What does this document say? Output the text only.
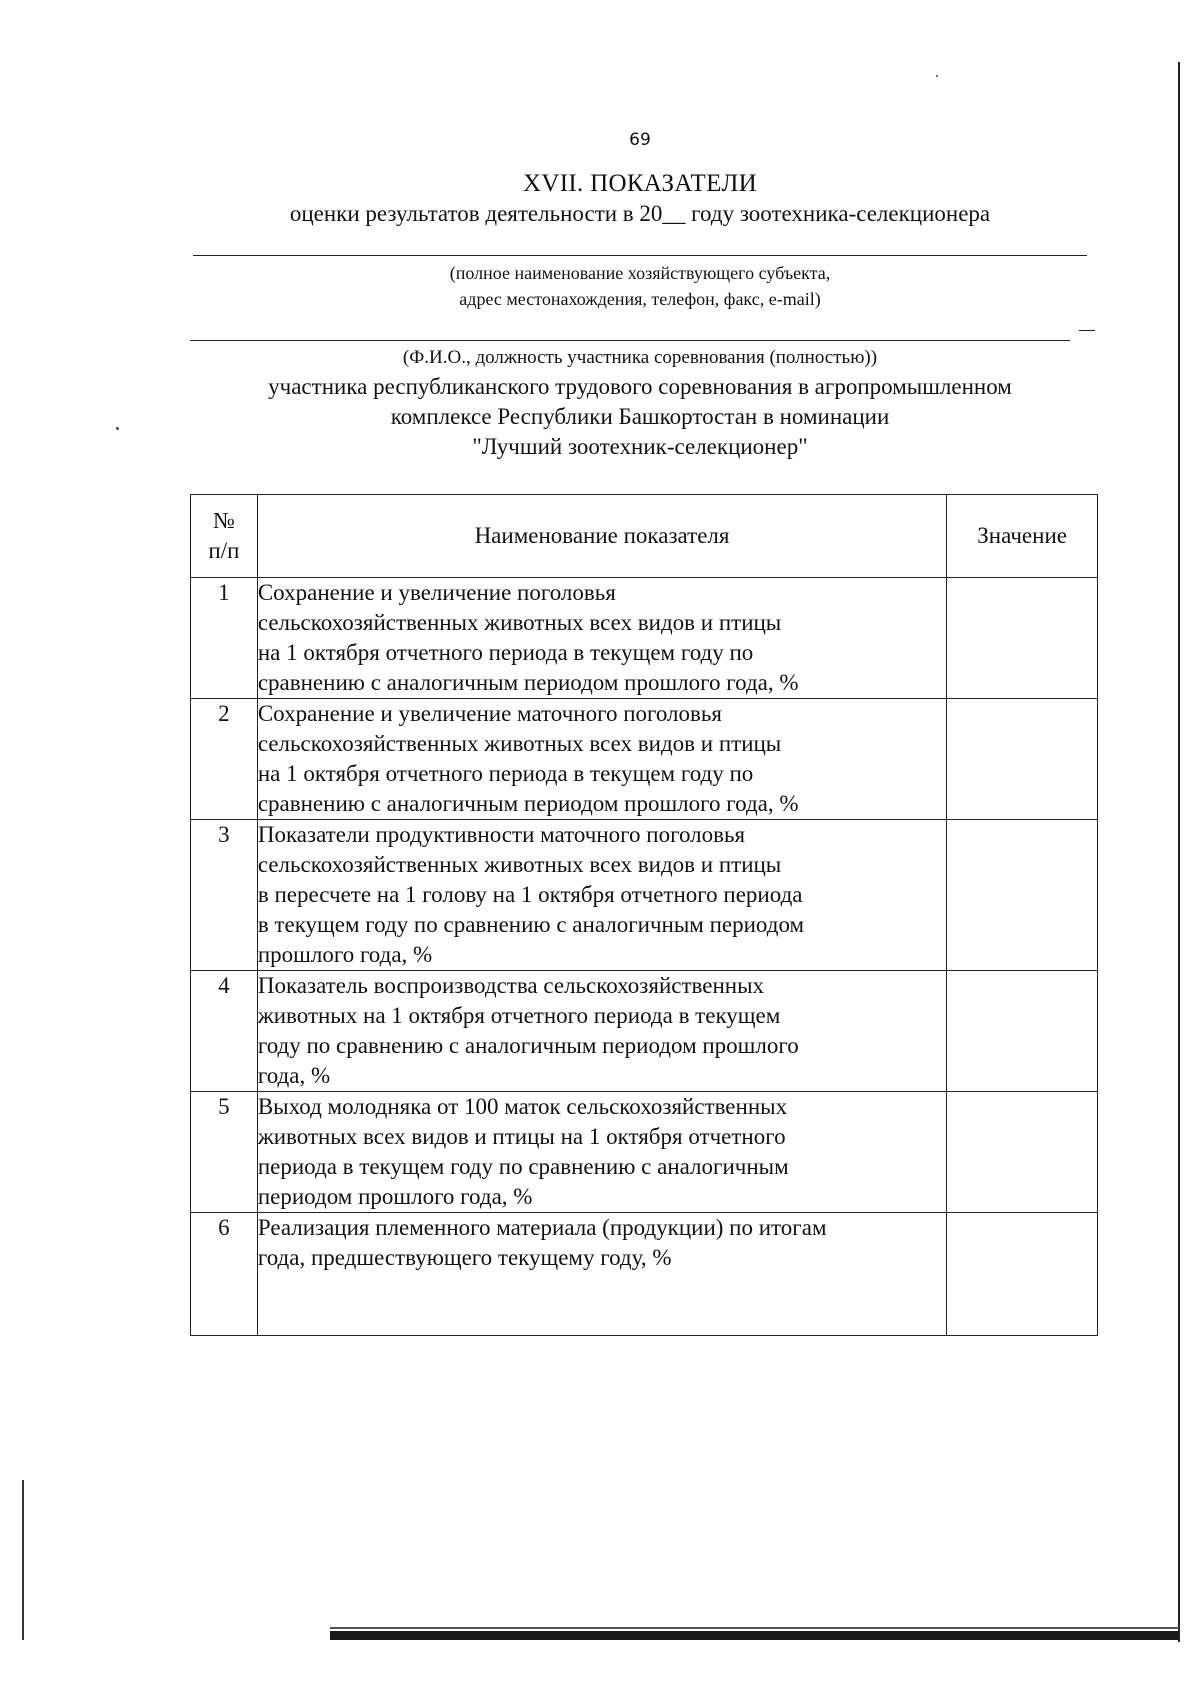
69
XVII. ПОКАЗАТЕЛИ
оценки результатов деятельности в 20__ году зоотехника-селекционера
(полное наименование хозяйствующего субъекта,
адрес местонахождения, телефон, факс, e-mail)
(Ф.И.О., должность участника соревнования (полностью))
участника республиканского трудового соревнования в агропромышленном
комплексе Республики Башкортостан в номинации
"Лучший зоотехник-селекционер"
№
п/п	Наименование показателя	Значение
1	Сохранение и увеличение поголовья
сельскохозяйственных животных всех видов и птицы
на 1 октября отчетного периода в текущем году по
сравнению с аналогичным периодом прошлого года, %	

2	Сохранение и увеличение маточного поголовья
сельскохозяйственных животных всех видов и птицы
на 1 октября отчетного периода в текущем году по
сравнению с аналогичным периодом прошлого года, %	

3	Показатели продуктивности маточного поголовья
сельскохозяйственных животных всех видов и птицы
в пересчете на 1 голову на 1 октября отчетного периода
в текущем году по сравнению с аналогичным периодом
прошлого года, %	

4	Показатель воспроизводства сельскохозяйственных
животных на 1 октября отчетного периода в текущем
году по сравнению с аналогичным периодом прошлого
года, %	

5	Выход молодняка от 100 маток сельскохозяйственных
животных всех видов и птицы на 1 октября отчетного
периода в текущем году по сравнению с аналогичным
периодом прошлого года, %	

6	Реализация племенного материала (продукции) по итогам
года, предшествующего текущему году, %	
